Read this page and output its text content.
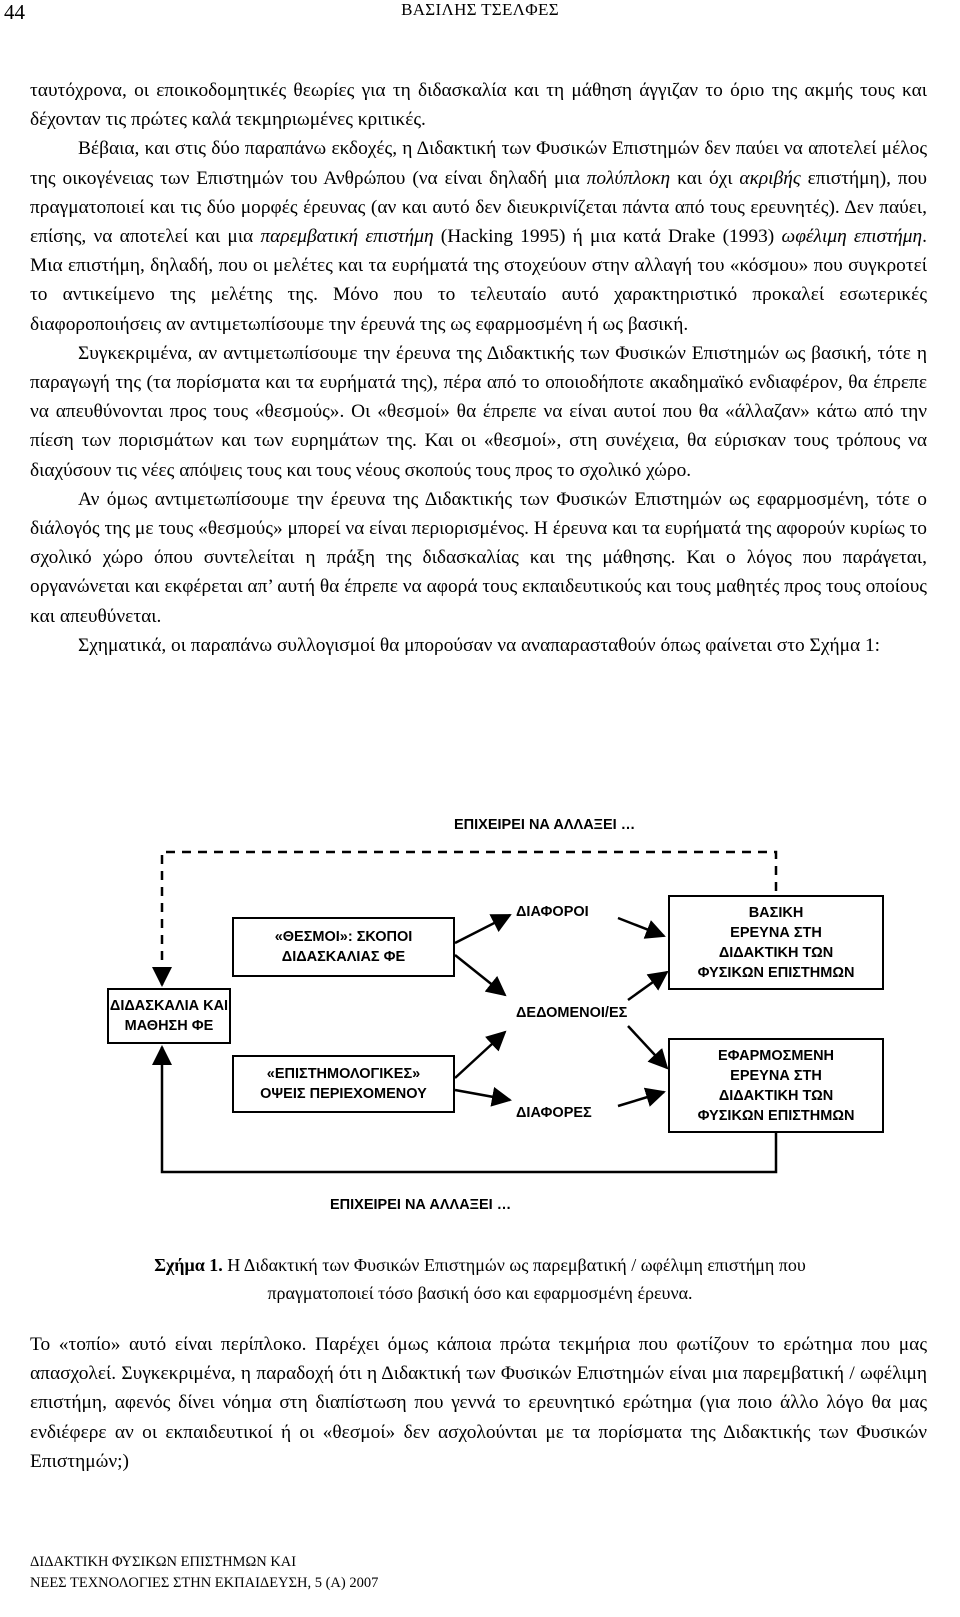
44	ΒΑΣΙΛΗΣ ΤΣΕΛΦΕΣ

ταυτόχρονα, οι εποικοδομητικές θεωρίες για τη διδασκαλία και τη μάθηση άγγιζαν το όριο της ακμής τους και δέχονταν τις πρώτες καλά τεκμηριωμένες κριτικές.

Βέβαια, και στις δύο παραπάνω εκδοχές, η Διδακτική των Φυσικών Επιστημών δεν παύει να αποτελεί μέλος της οικογένειας των Επιστημών του Ανθρώπου (να είναι δηλαδή μια πολύπλοκη και όχι ακριβής επιστήμη), που πραγματοποιεί και τις δύο μορφές έρευνας (αν και αυτό δεν διευκρινίζεται πάντα από τους ερευνητές). Δεν παύει, επίσης, να αποτελεί και μια παρεμβατική επιστήμη (Hacking 1995) ή μια κατά Drake (1993) ωφέλιμη επιστήμη. Μια επιστήμη, δηλαδή, που οι μελέτες και τα ευρήματά της στοχεύουν στην αλλαγή του «κόσμου» που συγκροτεί το αντικείμενο της μελέτης της. Μόνο που το τελευταίο αυτό χαρακτηριστικό προκαλεί εσωτερικές διαφοροποιήσεις αν αντιμετωπίσουμε την έρευνά της ως εφαρμοσμένη ή ως βασική.

Συγκεκριμένα, αν αντιμετωπίσουμε την έρευνα της Διδακτικής των Φυσικών Επιστημών ως βασική, τότε η παραγωγή της (τα πορίσματα και τα ευρήματά της), πέρα από το οποιοδήποτε ακαδημαϊκό ενδιαφέρον, θα έπρεπε να απευθύνονται προς τους «θεσμούς». Οι «θεσμοί» θα έπρεπε να είναι αυτοί που θα «άλλαζαν» κάτω από την πίεση των πορισμάτων και των ευρημάτων της. Και οι «θεσμοί», στη συνέχεια, θα εύρισκαν τους τρόπους να διαχύσουν τις νέες απόψεις τους και τους νέους σκοπούς τους προς το σχολικό χώρο.

Αν όμως αντιμετωπίσουμε την έρευνα της Διδακτικής των Φυσικών Επιστημών ως εφαρμοσμένη, τότε ο διάλογός της με τους «θεσμούς» μπορεί να είναι περιορισμένος. Η έρευνα και τα ευρήματά της αφορούν κυρίως το σχολικό χώρο όπου συντελείται η πράξη της διδασκαλίας και της μάθησης. Και ο λόγος που παράγεται, οργανώνεται και εκφέρεται απ’ αυτή θα έπρεπε να αφορά τους εκπαιδευτικούς και τους μαθητές προς τους οποίους και απευθύνεται.

Σχηματικά, οι παραπάνω συλλογισμοί θα μπορούσαν να αναπαρασταθούν όπως φαίνεται στο Σχήμα 1:

ΕΠΙΧΕΙΡΕΙ ΝΑ ΑΛΛΑΞΕΙ …
ΔΙΔΑΣΚΑΛΙΑ ΚΑΙ
ΜΑΘΗΣΗ ΦΕ
«ΘΕΣΜΟΙ»: ΣΚΟΠΟΙ
ΔΙΔΑΣΚΑΛΙΑΣ ΦΕ
«ΕΠΙΣΤΗΜΟΛΟΓΙΚΕΣ»
ΟΨΕΙΣ ΠΕΡΙΕΧΟΜΕΝΟΥ
ΔΙΑΦΟΡΟΙ
ΔΕΔΟΜΕΝΟΙ/ΕΣ
ΔΙΑΦΟΡΕΣ
ΒΑΣΙΚΗ
ΕΡΕΥΝΑ ΣΤΗ
ΔΙΔΑΚΤΙΚΗ ΤΩΝ
ΦΥΣΙΚΩΝ ΕΠΙΣΤΗΜΩΝ
ΕΦΑΡΜΟΣΜΕΝΗ
ΕΡΕΥΝΑ ΣΤΗ
ΔΙΔΑΚΤΙΚΗ ΤΩΝ
ΦΥΣΙΚΩΝ ΕΠΙΣΤΗΜΩΝ
ΕΠΙΧΕΙΡΕΙ ΝΑ ΑΛΛΑΞΕΙ …
Σχήμα 1. Η Διδακτική των Φυσικών Επιστημών ως παρεμβατική / ωφέλιμη επιστήμη που
πραγματοποιεί τόσο βασική όσο και εφαρμοσμένη έρευνα.

Το «τοπίο» αυτό είναι περίπλοκο. Παρέχει όμως κάποια πρώτα τεκμήρια που φωτίζουν το ερώτημα που μας απασχολεί. Συγκεκριμένα, η παραδοχή ότι η Διδακτική των Φυσικών Επιστημών είναι μια παρεμβατική / ωφέλιμη επιστήμη, αφενός δίνει νόημα στη διαπίστωση που γεννά το ερευνητικό ερώτημα (για ποιο άλλο λόγο θα μας ενδιέφερε αν οι εκπαιδευτικοί ή οι «θεσμοί» δεν ασχολούνται με τα πορίσματα της Διδακτικής των Φυσικών Επιστημών;)

ΔΙΔΑΚΤΙΚΗ ΦΥΣΙΚΩΝ ΕΠΙΣΤΗΜΩΝ ΚΑΙ
ΝΕΕΣ ΤΕΧΝΟΛΟΓΙΕΣ ΣΤΗΝ ΕΚΠΑΙΔΕΥΣΗ, 5 (Α) 2007
